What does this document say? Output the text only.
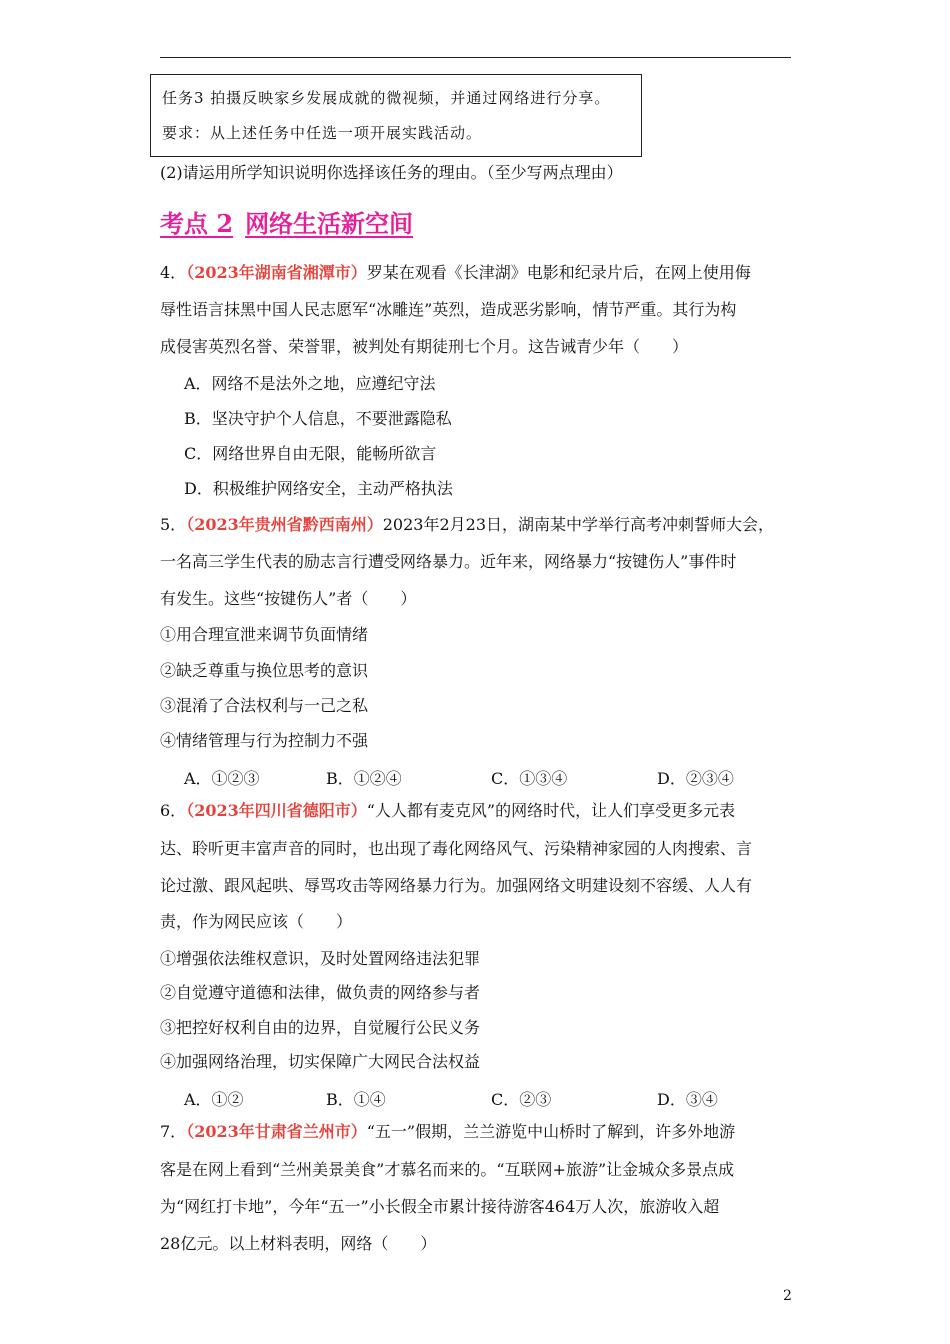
任务3 拍摄反映家乡发展成就的微视频，并通过网络进行分享。
要求：从上述任务中任选一项开展实践活动。
(2)请运用所学知识说明你选择该任务的理由。（至少写两点理由）
考点 2 网络生活新空间
4．（2023年湖南省湘潭市）罗某在观看《长津湖》电影和纪录片后，在网上使用侮
辱性语言抹黑中国人民志愿军“冰雕连”英烈，造成恶劣影响，情节严重。其行为构
成侵害英烈名誉、荣誉罪，被判处有期徒刑七个月。这告诫青少年（　　）
A．网络不是法外之地，应遵纪守法
B．坚决守护个人信息，不要泄露隐私
C．网络世界自由无限，能畅所欲言
D．积极维护网络安全，主动严格执法
5．（2023年贵州省黔西南州）2023年2月23日，湖南某中学举行高考冲刺誓师大会，
一名高三学生代表的励志言行遭受网络暴力。近年来，网络暴力“按键伤人”事件时
有发生。这些“按键伤人”者（　　）
①用合理宣泄来调节负面情绪
②缺乏尊重与换位思考的意识
③混淆了合法权利与一己之私
④情绪管理与行为控制力不强
A．①②③	B．①②④	C．①③④	D．②③④
6．（2023年四川省德阳市）“人人都有麦克风”的网络时代，让人们享受更多元表
达、聆听更丰富声音的同时，也出现了毒化网络风气、污染精神家园的人肉搜索、言
论过激、跟风起哄、辱骂攻击等网络暴力行为。加强网络文明建设刻不容缓、人人有
责，作为网民应该（　　）
①增强依法维权意识，及时处置网络违法犯罪
②自觉遵守道德和法律，做负责的网络参与者
③把控好权利自由的边界，自觉履行公民义务
④加强网络治理，切实保障广大网民合法权益
A．①②	B．①④	C．②③	D．③④
7．（2023年甘肃省兰州市）“五一”假期，兰兰游览中山桥时了解到，许多外地游
客是在网上看到“兰州美景美食”才慕名而来的。“互联网+旅游”让金城众多景点成
为“网红打卡地”，今年“五一”小长假全市累计接待游客464万人次，旅游收入超
28亿元。以上材料表明，网络（　　）
2
